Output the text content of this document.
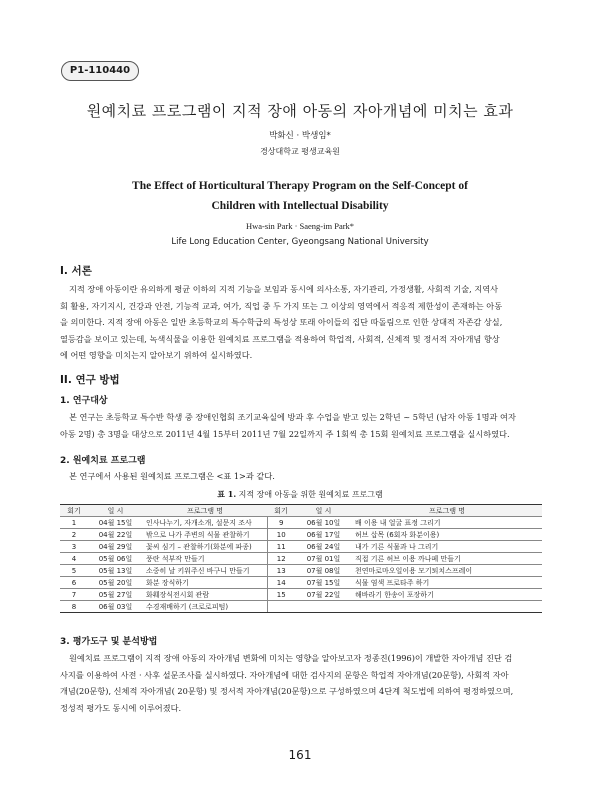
P1-110440
원예치료 프로그램이 지적 장애 아동의 자아개념에 미치는 효과
박화신 · 박생임*
경상대학교 평생교육원
The Effect of Horticultural Therapy Program on the Self-Concept of
Children with Intellectual Disability
Hwa-sin Park · Saeng-im Park*
Life Long Education Center, Gyeongsang National University
I. 서론
지적 장애 아동이란 유의하게 평균 이하의 지적 기능을 보임과 동시에 의사소통, 자기관리, 가정생활, 사회적 기술, 지역사
회 활용, 자기지시, 건강과 안전, 기능적 교과, 여가, 직업 중 두 가지 또는 그 이상의 영역에서 적응적 제한성이 존재하는 아동
을 의미한다. 지적 장애 아동은 일반 초등학교의 특수학급의 특성상 또래 아이들의 집단 따돌림으로 인한 상대적 자존감 상실,
열등감을 보이고 있는데, 녹색식물을 이용한 원예치료 프로그램을 적용하여 학업적, 사회적, 신체적 및 정서적 자아개념 향상
에 어떤 영향을 미치는지 알아보기 위하여 실시하였다.
II. 연구 방법
1. 연구대상
본 연구는 초등학교 특수반 학생 중 장애인협회 조기교육실에 방과 후 수업을 받고 있는 2학년 ~ 5학년 (남자 아동 1명과 여자
아동 2명) 총 3명을 대상으로 2011년 4월 15부터 2011년 7월 22일까지 주 1회씩 총 15회 원예치료 프로그램을 실시하였다.
2. 원예치료 프로그램
본 연구에서 사용된 원예치료 프로그램은 <표 1>과 같다.
표 1. 지적 장애 아동을 위한 원예치료 프로그램
회기	일 시	프로그램 명	회기	일 시	프로그램 명
1	04월 15일	인사나누기, 자개소개, 설문지 조사	9	06월 10일	배 이용 내 얼굴 표정 그리기
2	04월 22일	밖으로 나가 주변의 식물 관찰하기	10	06월 17일	허브 삽목 (6회자 화분이용)
3	04월 29일	꽃씨 심기 – 관찰하기(화분에 파종)	11	06월 24일	내가 기른 식물과 나 그리기
4	05월 06일	풍란 석부작 만들기	12	07월 01일	직접 기른 허브 이용 까나페 만들기
5	05월 13일	소중히 날 키워주신 바구니 만들기	13	07월 08일	천연마로마오일이용 모기퇴치스프레이
6	05월 20일	화분 장식하기	14	07월 15일	식물 염색 프로타주 하기
7	05월 27일	화훼장식전시회 관람	15	07월 22일	해바라기 한송이 포장하기
8	06월 03일	수경재배하기 (크로로피텀)			
3. 평가도구 및 분석방법
원예치료 프로그램이 지적 장애 아동의 자아개념 변화에 미치는 영향을 알아보고자 정종진(1996)이 개발한 자아개념 진단 검
사지를 이용하여 사전 · 사후 설문조사를 실시하였다. 자아개념에 대한 검사지의 문항은 학업적 자아개념(20문항), 사회적 자아
개념(20문항), 신체적 자아개념( 20문항) 및 정서적 자아개념(20문항)으로 구성하였으며 4단계 척도법에 의하여 평정하였으며,
정성적 평가도 동시에 이루어졌다.
161
